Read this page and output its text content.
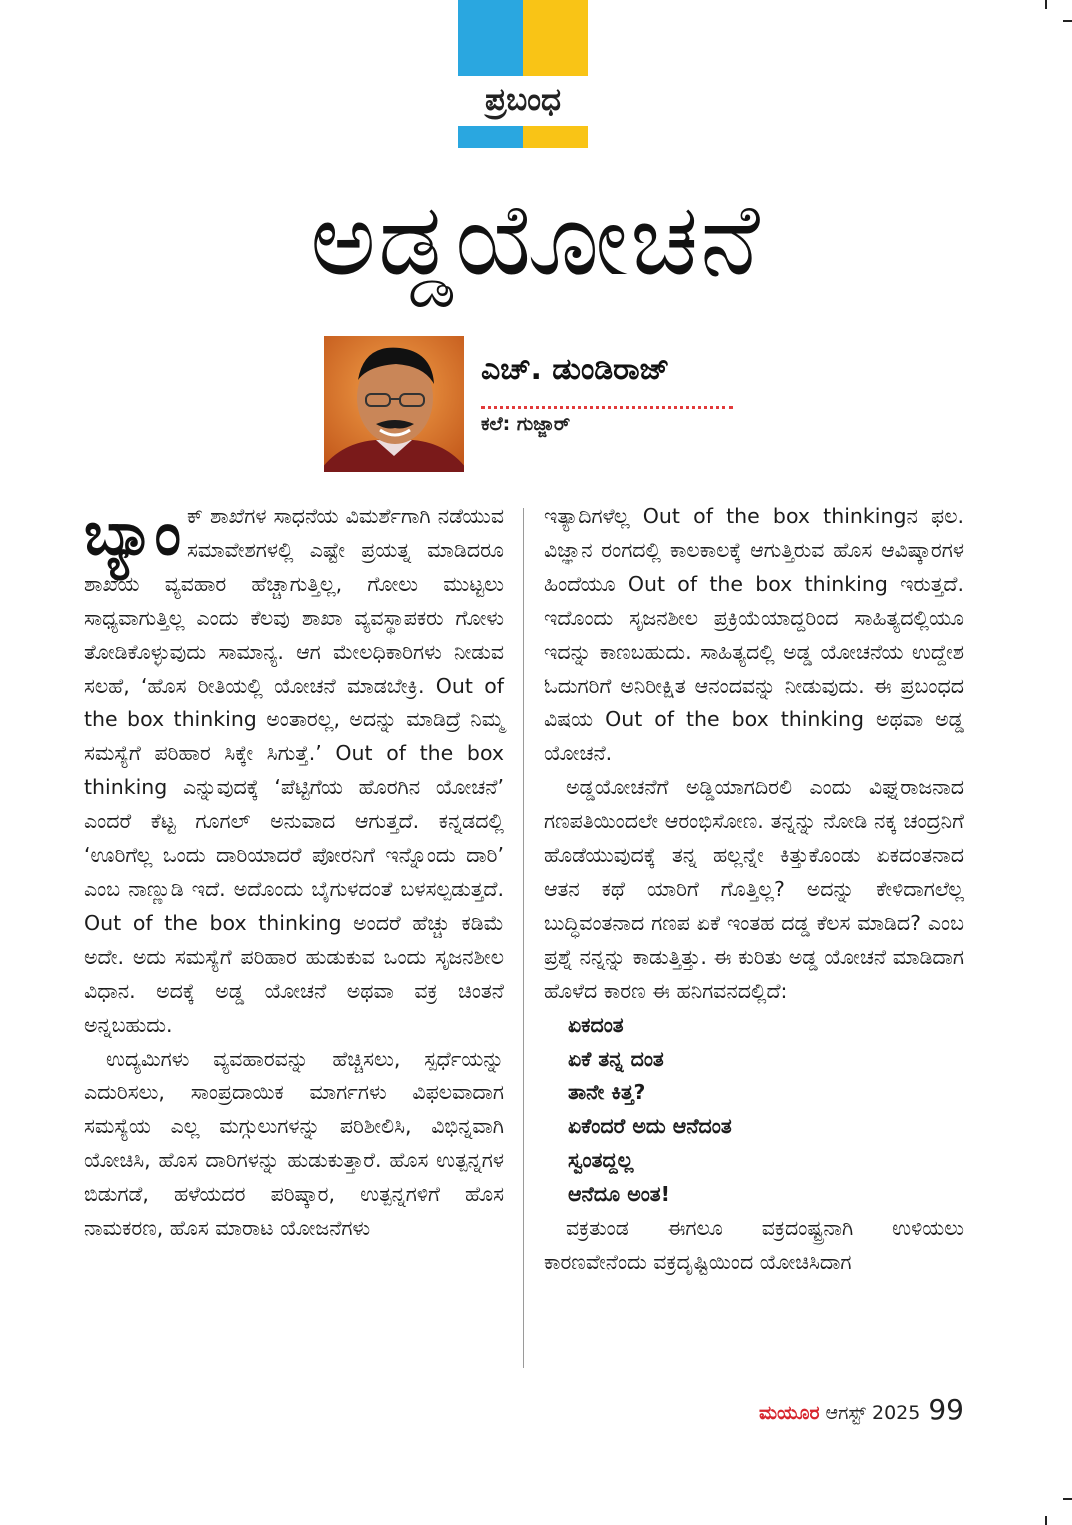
ಪ್ರಬಂಧ
ಅಡ್ಡಯೋಚನೆ
ಎಚ್. ಡುಂಡಿರಾಜ್
ಕಲೆ: ಗುಜ್ಜಾರ್

ಬ್ಯಾಂ ಕ್ ಶಾಖೆಗಳ ಸಾಧನೆಯ ವಿಮರ್ಶೆಗಾಗಿ ನಡೆಯುವ ಸಮಾವೇಶಗಳಲ್ಲಿ ಎಷ್ಟೇ ಪ್ರಯತ್ನ ಮಾಡಿದರೂ ಶಾಖೆಯ ವ್ಯವಹಾರ ಹೆಚ್ಚಾಗುತ್ತಿಲ್ಲ, ಗೋಲು ಮುಟ್ಟಲು ಸಾಧ್ಯವಾಗುತ್ತಿಲ್ಲ ಎಂದು ಕೆಲವು ಶಾಖಾ ವ್ಯವಸ್ಥಾಪಕರು ಗೋಳು ತೋಡಿಕೊಳ್ಳುವುದು ಸಾಮಾನ್ಯ. ಆಗ ಮೇಲಧಿಕಾರಿಗಳು ನೀಡುವ ಸಲಹೆ, ‘ಹೊಸ ರೀತಿಯಲ್ಲಿ ಯೋಚನೆ ಮಾಡಬೇಕ್ರಿ. Out of the box thinking ಅಂತಾರಲ್ಲ, ಅದನ್ನು ಮಾಡಿದ್ರೆ ನಿಮ್ಮ ಸಮಸ್ಯೆಗೆ ಪರಿಹಾರ ಸಿಕ್ಕೇ ಸಿಗುತ್ತೆ.’ Out of the box thinking ಎನ್ನುವುದಕ್ಕೆ ‘ಪೆಟ್ಟಿಗೆಯ ಹೊರಗಿನ ಯೋಚನೆ’ ಎಂದರೆ ಕೆಟ್ಟ ಗೂಗಲ್ ಅನುವಾದ ಆಗುತ್ತದೆ. ಕನ್ನಡದಲ್ಲಿ ‘ಊರಿಗೆಲ್ಲ ಒಂದು ದಾರಿಯಾದರೆ ಪೋರನಿಗೆ ಇನ್ನೊಂದು ದಾರಿ’ ಎಂಬ ನಾಣ್ಣುಡಿ ಇದೆ. ಅದೊಂದು ಬೈಗುಳದಂತೆ ಬಳಸಲ್ಪಡುತ್ತದೆ. Out of the box thinking ಅಂದರೆ ಹೆಚ್ಚು ಕಡಿಮೆ ಅದೇ. ಅದು ಸಮಸ್ಯೆಗೆ ಪರಿಹಾರ ಹುಡುಕುವ ಒಂದು ಸೃಜನಶೀಲ ವಿಧಾನ. ಅದಕ್ಕೆ ಅಡ್ಡ ಯೋಚನೆ ಅಥವಾ ವಕ್ರ ಚಿಂತನೆ ಅನ್ನಬಹುದು.

ಉದ್ಯಮಿಗಳು ವ್ಯವಹಾರವನ್ನು ಹೆಚ್ಚಿಸಲು, ಸ್ಪರ್ಧೆಯನ್ನು ಎದುರಿಸಲು, ಸಾಂಪ್ರದಾಯಿಕ ಮಾರ್ಗಗಳು ವಿಫಲವಾದಾಗ ಸಮಸ್ಯೆಯ ಎಲ್ಲ ಮಗ್ಗುಲುಗಳನ್ನು ಪರಿಶೀಲಿಸಿ, ವಿಭಿನ್ನವಾಗಿ ಯೋಚಿಸಿ, ಹೊಸ ದಾರಿಗಳನ್ನು ಹುಡುಕುತ್ತಾರೆ. ಹೊಸ ಉತ್ಪನ್ನಗಳ ಬಿಡುಗಡೆ, ಹಳೆಯದರ ಪರಿಷ್ಕಾರ, ಉತ್ಪನ್ನಗಳಿಗೆ ಹೊಸ ನಾಮಕರಣ, ಹೊಸ ಮಾರಾಟ ಯೋಜನೆಗಳು

ಇತ್ಯಾದಿಗಳೆಲ್ಲ Out of the box thinkingನ ಫಲ. ವಿಜ್ಞಾನ ರಂಗದಲ್ಲಿ ಕಾಲಕಾಲಕ್ಕೆ ಆಗುತ್ತಿರುವ ಹೊಸ ಆವಿಷ್ಕಾರಗಳ ಹಿಂದೆಯೂ Out of the box thinking ಇರುತ್ತದೆ. ಇದೊಂದು ಸೃಜನಶೀಲ ಪ್ರಕ್ರಿಯೆಯಾದ್ದರಿಂದ ಸಾಹಿತ್ಯದಲ್ಲಿಯೂ ಇದನ್ನು ಕಾಣಬಹುದು. ಸಾಹಿತ್ಯದಲ್ಲಿ ಅಡ್ಡ ಯೋಚನೆಯ ಉದ್ದೇಶ ಓದುಗರಿಗೆ ಅನಿರೀಕ್ಷಿತ ಆನಂದವನ್ನು ನೀಡುವುದು. ಈ ಪ್ರಬಂಧದ ವಿಷಯ Out of the box thinking ಅಥವಾ ಅಡ್ಡ ಯೋಚನೆ.

ಅಡ್ಡಯೋಚನೆಗೆ ಅಡ್ಡಿಯಾಗದಿರಲಿ ಎಂದು ವಿಘ್ನರಾಜನಾದ ಗಣಪತಿಯಿಂದಲೇ ಆರಂಭಿಸೋಣ. ತನ್ನನ್ನು ನೋಡಿ ನಕ್ಕ ಚಂದ್ರನಿಗೆ ಹೊಡೆಯುವುದಕ್ಕೆ ತನ್ನ ಹಲ್ಲನ್ನೇ ಕಿತ್ತುಕೊಂಡು ಏಕದಂತನಾದ ಆತನ ಕಥೆ ಯಾರಿಗೆ ಗೊತ್ತಿಲ್ಲ? ಅದನ್ನು ಕೇಳಿದಾಗಲೆಲ್ಲ ಬುದ್ಧಿವಂತನಾದ ಗಣಪ ಏಕೆ ಇಂತಹ ದಡ್ಡ ಕೆಲಸ ಮಾಡಿದ? ಎಂಬ ಪ್ರಶ್ನೆ ನನ್ನನ್ನು ಕಾಡುತ್ತಿತ್ತು. ಈ ಕುರಿತು ಅಡ್ಡ ಯೋಚನೆ ಮಾಡಿದಾಗ ಹೊಳೆದ ಕಾರಣ ಈ ಹನಿಗವನದಲ್ಲಿದೆ:

ಏಕದಂತ

ಏಕೆ ತನ್ನ ದಂತ

ತಾನೇ ಕಿತ್ತ?

ಏಕೆಂದರೆ ಅದು ಆನೆದಂತ

ಸ್ವಂತದ್ದಲ್ಲ

ಆನೆದೂ ಅಂತ!

ವಕ್ರತುಂಡ ಈಗಲೂ ವಕ್ರದಂಷ್ಟ್ರನಾಗಿ ಉಳಿಯಲು ಕಾರಣವೇನೆಂದು ವಕ್ರದೃಷ್ಟಿಯಿಂದ ಯೋಚಿಸಿದಾಗ

ಮಯೂರ ಆಗಸ್ಟ್ 2025 99
